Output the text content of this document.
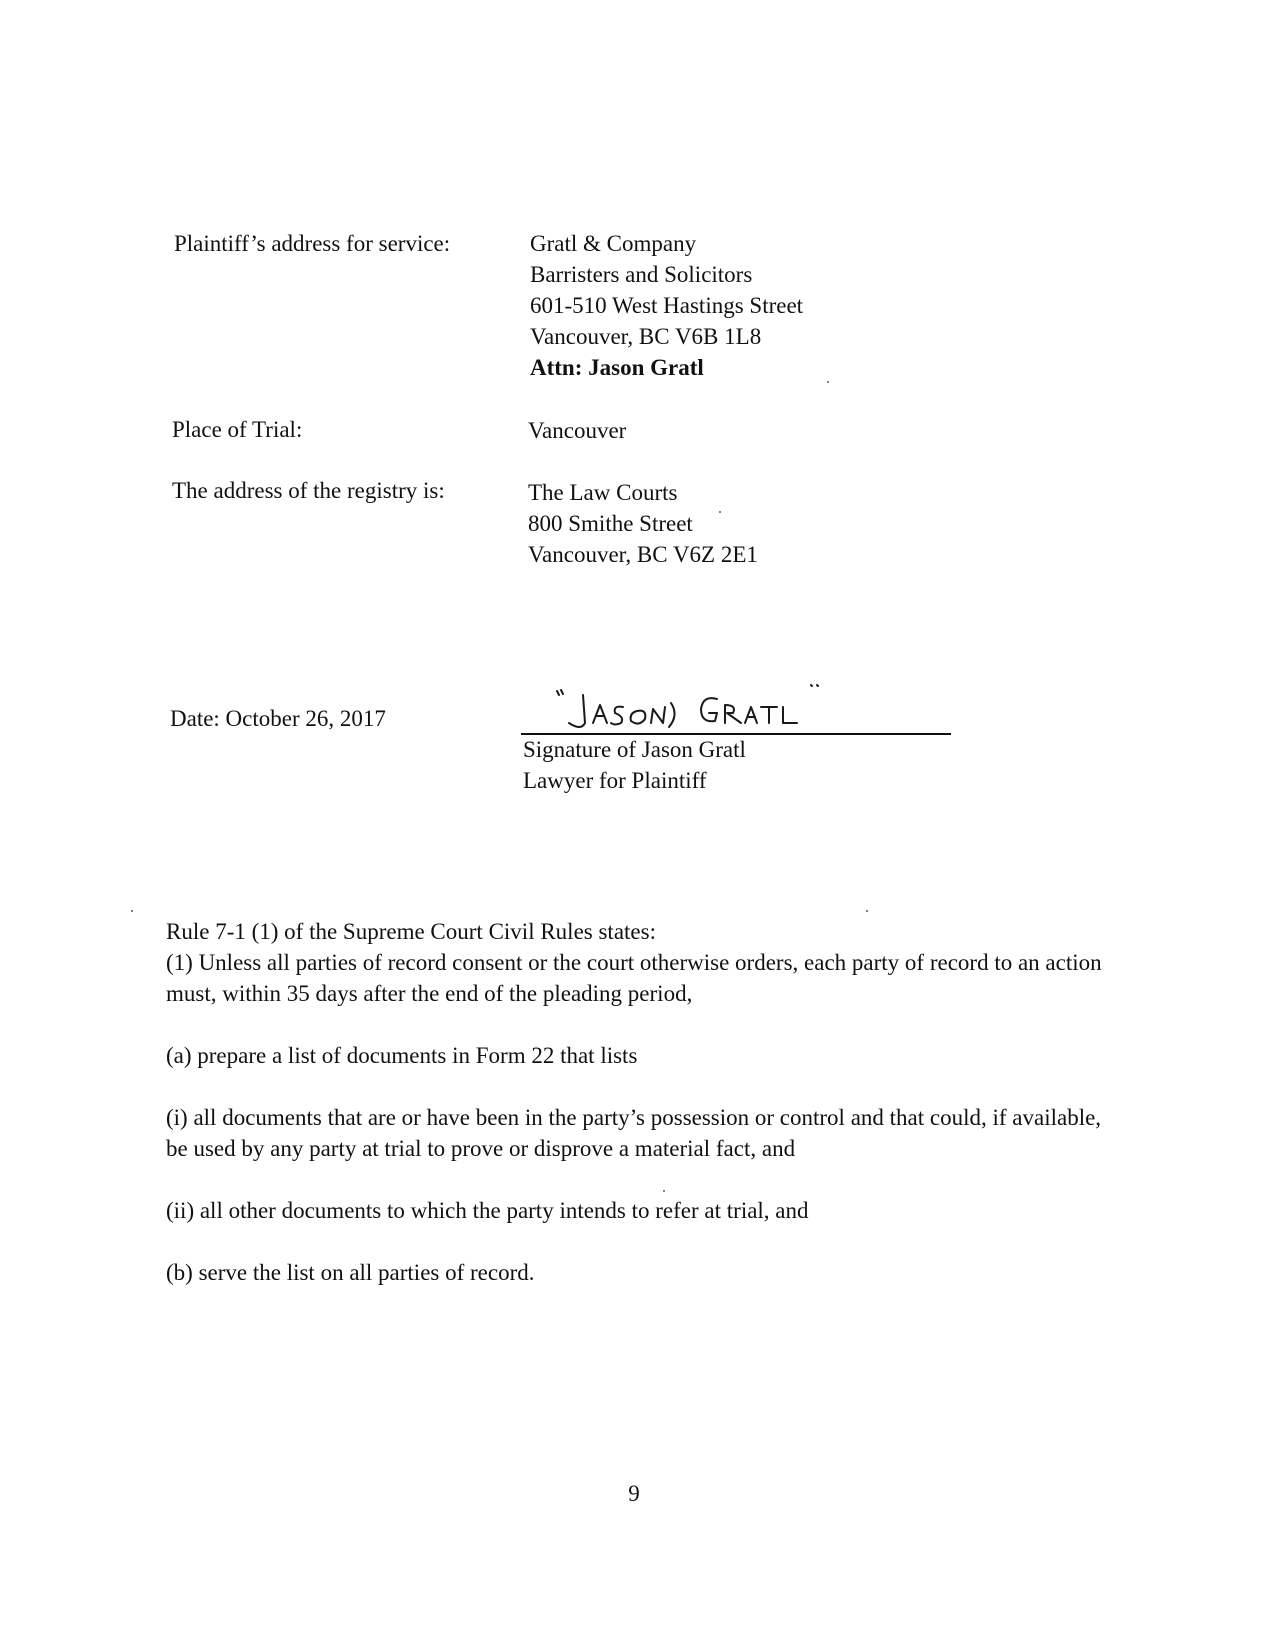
Plaintiff’s address for service:	Gratl & Company
Barristers and Solicitors
601-510 West Hastings Street
Vancouver, BC V6B 1L8
Attn: Jason Gratl
Place of Trial:	Vancouver
The address of the registry is:	The Law Courts
800 Smithe Street
Vancouver, BC V6Z 2E1
Date: October 26, 2017
Signature of Jason Gratl
Lawyer for Plaintiff
Rule 7-1 (1) of the Supreme Court Civil Rules states:
(1) Unless all parties of record consent or the court otherwise orders, each party of record to an action must, within 35 days after the end of the pleading period,
(a) prepare a list of documents in Form 22 that lists
(i) all documents that are or have been in the party’s possession or control and that could, if available, be used by any party at trial to prove or disprove a material fact, and
(ii) all other documents to which the party intends to refer at trial, and
(b) serve the list on all parties of record.
9
